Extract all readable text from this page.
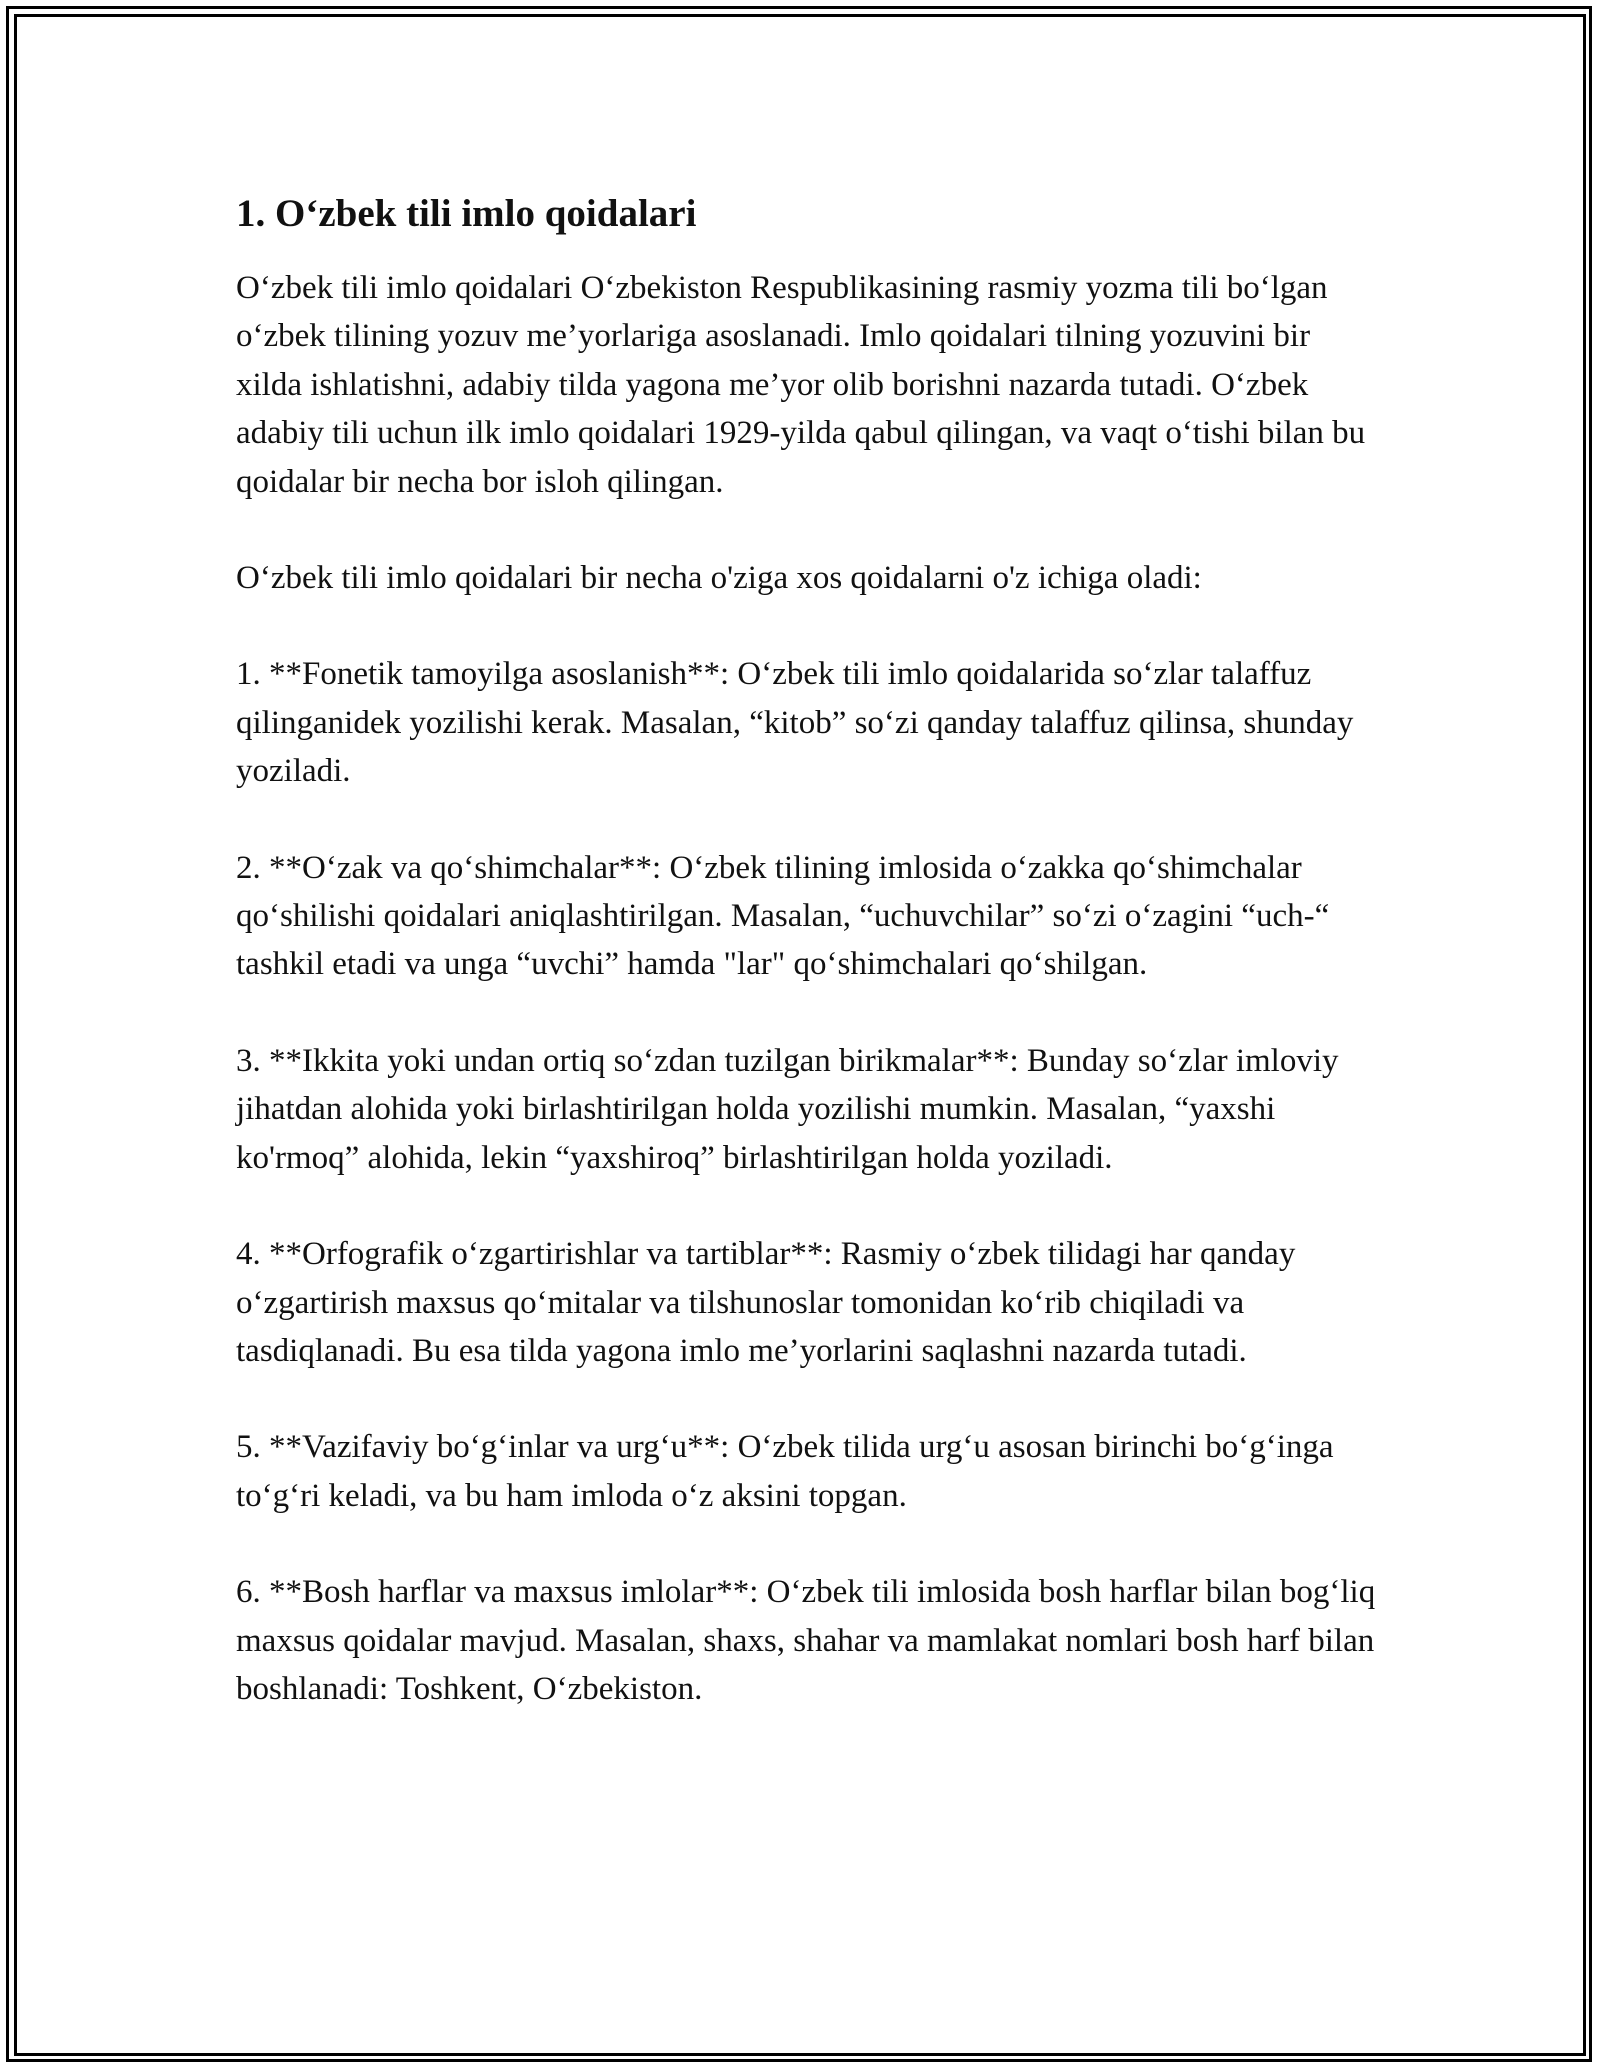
1. O‘zbek tili imlo qoidalari

O‘zbek tili imlo qoidalari O‘zbekiston Respublikasining rasmiy yozma tili bo‘lgan o‘zbek tilining yozuv me’yorlariga asoslanadi. Imlo qoidalari tilning yozuvini bir xilda ishlatishni, adabiy tilda yagona me’yor olib borishni nazarda tutadi. O‘zbek adabiy tili uchun ilk imlo qoidalari 1929-yilda qabul qilingan, va vaqt o‘tishi bilan bu qoidalar bir necha bor isloh qilingan.

O‘zbek tili imlo qoidalari bir necha o'ziga xos qoidalarni o'z ichiga oladi:

1. **Fonetik tamoyilga asoslanish**: O‘zbek tili imlo qoidalarida so‘zlar talaffuz qilinganidek yozilishi kerak. Masalan, “kitob” so‘zi qanday talaffuz qilinsa, shunday yoziladi.

2. **O‘zak va qo‘shimchalar**: O‘zbek tilining imlosida o‘zakka qo‘shimchalar qo‘shilishi qoidalari aniqlashtirilgan. Masalan, “uchuvchilar” so‘zi o‘zagini “uch-“ tashkil etadi va unga “uvchi” hamda "lar" qo‘shimchalari qo‘shilgan.

3. **Ikkita yoki undan ortiq so‘zdan tuzilgan birikmalar**: Bunday so‘zlar imloviy jihatdan alohida yoki birlashtirilgan holda yozilishi mumkin. Masalan, “yaxshi ko'rmoq” alohida, lekin “yaxshiroq” birlashtirilgan holda yoziladi.

4. **Orfografik o‘zgartirishlar va tartiblar**: Rasmiy o‘zbek tilidagi har qanday o‘zgartirish maxsus qo‘mitalar va tilshunoslar tomonidan ko‘rib chiqiladi va tasdiqlanadi. Bu esa tilda yagona imlo me’yorlarini saqlashni nazarda tutadi.

5. **Vazifaviy bo‘g‘inlar va urg‘u**: O‘zbek tilida urg‘u asosan birinchi bo‘g‘inga to‘g‘ri keladi, va bu ham imloda o‘z aksini topgan.

6. **Bosh harflar va maxsus imlolar**: O‘zbek tili imlosida bosh harflar bilan bog‘liq maxsus qoidalar mavjud. Masalan, shaxs, shahar va mamlakat nomlari bosh harf bilan boshlanadi: Toshkent, O‘zbekiston.
